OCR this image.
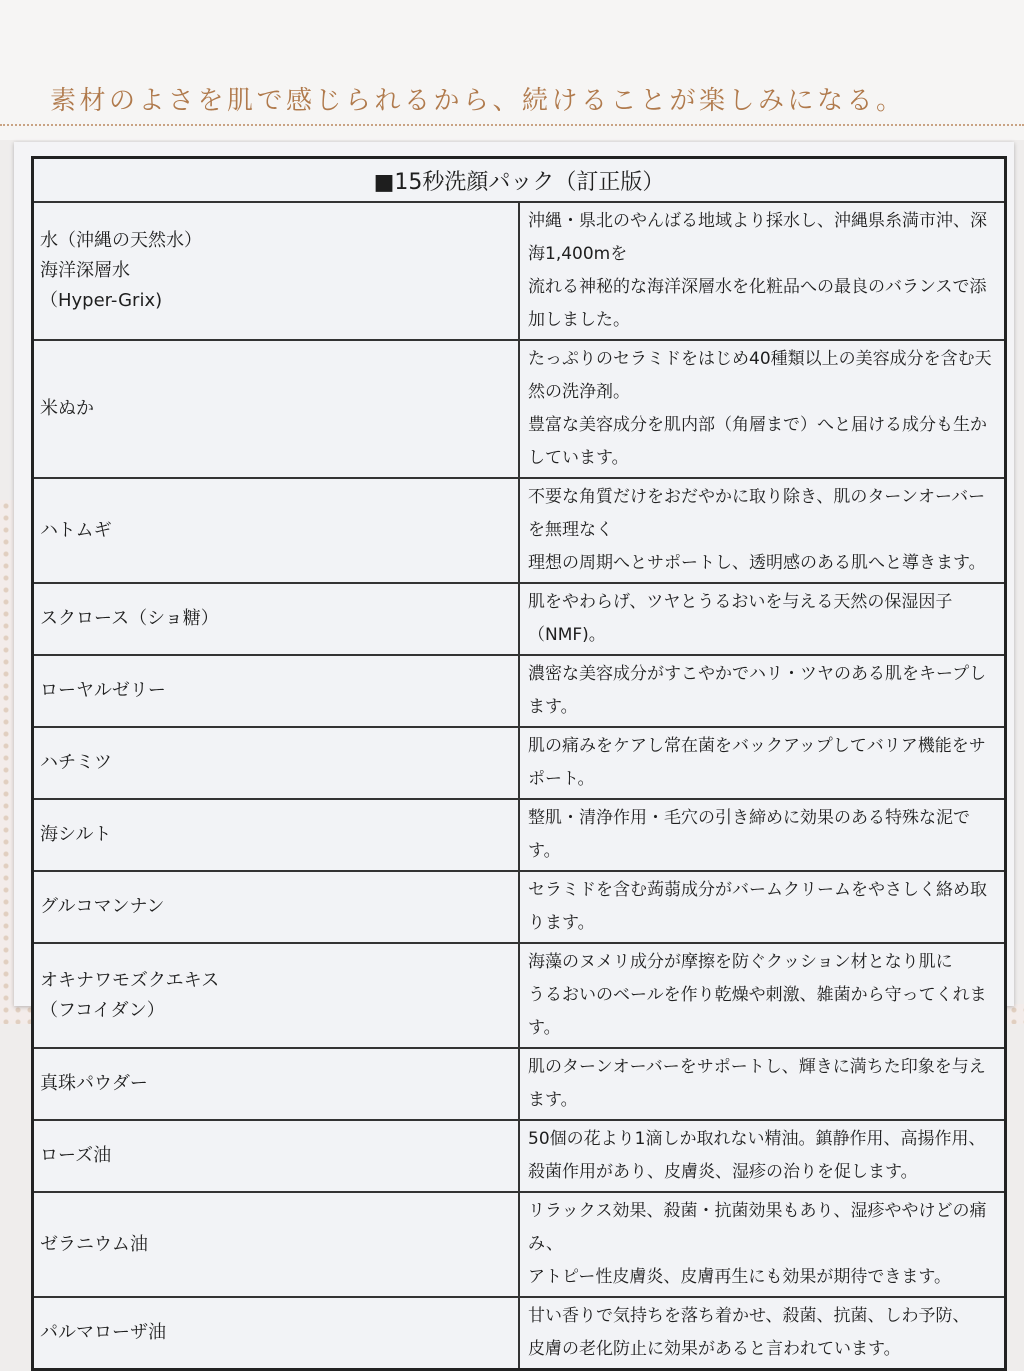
素材のよさを肌で感じられるから、続けることが楽しみになる。
■15秒洗顔パック（訂正版）	
水（沖縄の天然水）
海洋深層水
（Hyper-Grix)	沖縄・県北のやんばる地域より採水し、沖縄県糸満市沖、深海1,400mを
流れる神秘的な海洋深層水を化粧品への最良のバランスで添加しました。
米ぬか	たっぷりのセラミドをはじめ40種類以上の美容成分を含む天然の洗浄剤。
豊富な美容成分を肌内部（角層まで）へと届ける成分も生かしています。
ハトムギ	不要な角質だけをおだやかに取り除き、肌のターンオーバーを無理なく
理想の周期へとサポートし、透明感のある肌へと導きます。
スクロース（ショ糖）	肌をやわらげ、ツヤとうるおいを与える天然の保湿因子（NMF)。
ローヤルゼリー	濃密な美容成分がすこやかでハリ・ツヤのある肌をキープします。
ハチミツ	肌の痛みをケアし常在菌をバックアップしてバリア機能をサポート。
海シルト	整肌・清浄作用・毛穴の引き締めに効果のある特殊な泥です。
グルコマンナン	セラミドを含む蒟蒻成分がバームクリームをやさしく絡め取ります。
オキナワモズクエキス
（フコイダン）	海藻のヌメリ成分が摩擦を防ぐクッション材となり肌に
うるおいのベールを作り乾燥や刺激、雑菌から守ってくれます。
真珠パウダー	肌のターンオーバーをサポートし、輝きに満ちた印象を与えます。
ローズ油	50個の花より1滴しか取れない精油。鎮静作用、高揚作用、
殺菌作用があり、皮膚炎、湿疹の治りを促します。
ゼラニウム油	リラックス効果、殺菌・抗菌効果もあり、湿疹ややけどの痛み、
アトピー性皮膚炎、皮膚再生にも効果が期待できます。
パルマローザ油	甘い香りで気持ちを落ち着かせ、殺菌、抗菌、しわ予防、
皮膚の老化防止に効果があると言われています。
